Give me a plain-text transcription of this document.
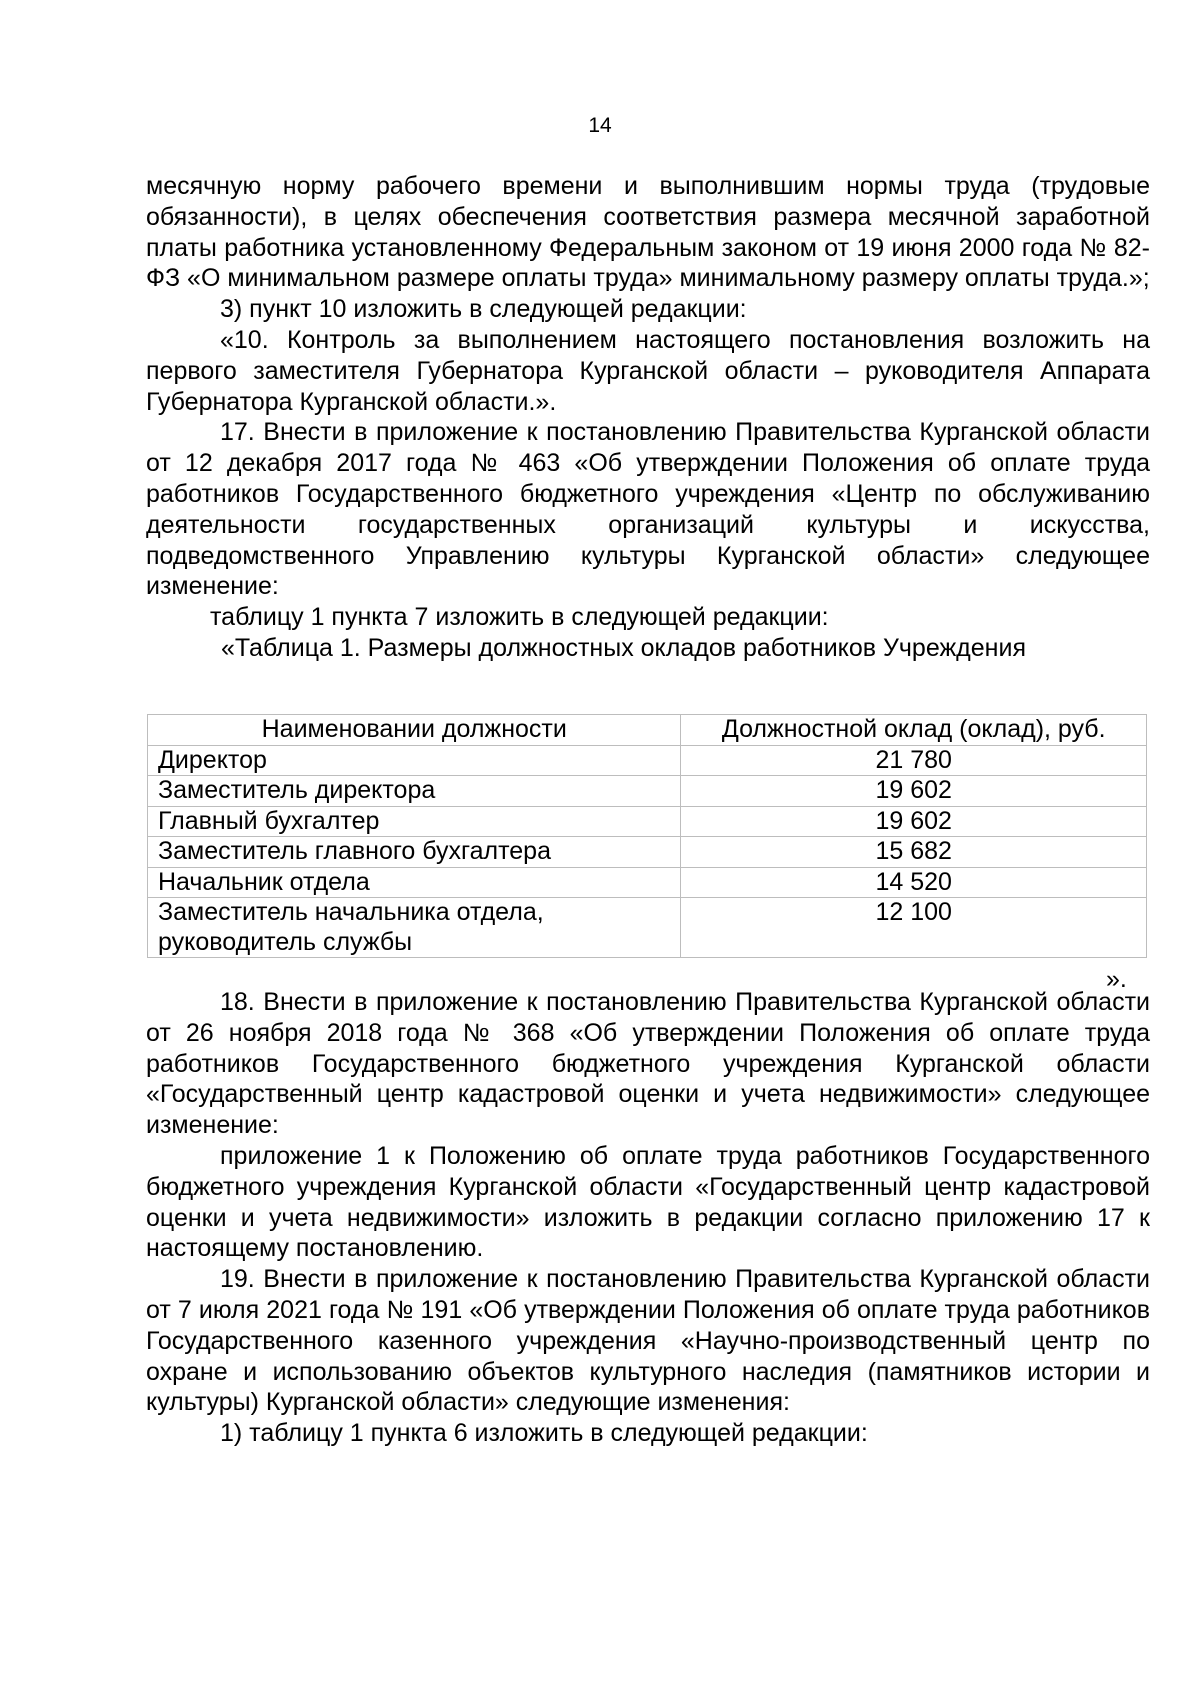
14

месячную норму рабочего времени и выполнившим нормы труда (трудовые обязанности), в целях обеспечения соответствия размера месячной заработной платы работника установленному Федеральным законом от 19 июня 2000 года № 82-ФЗ «О минимальном размере оплаты труда» минимальному размеру оплаты труда.»;

3) пункт 10 изложить в следующей редакции:

«10. Контроль за выполнением настоящего постановления возложить на первого заместителя Губернатора Курганской области – руководителя Аппарата Губернатора Курганской области.».

17. Внести в приложение к постановлению Правительства Курганской области от 12 декабря 2017 года № 463 «Об утверждении Положения об оплате труда работников Государственного бюджетного учреждения «Центр по обслуживанию деятельности государственных организаций культуры и искусства, подведомственного Управлению культуры Курганской области» следующее изменение:

таблицу 1 пункта 7 изложить в следующей редакции:

«Таблица 1. Размеры должностных окладов работников Учреждения

Наименовании должности	Должностной оклад (оклад), руб.
Директор	21 780
Заместитель директора	19 602
Главный бухгалтер	19 602
Заместитель главного бухгалтера	15 682
Начальник отдела	14 520
Заместитель начальника отдела, руководитель службы	12 100
».

18. Внести в приложение к постановлению Правительства Курганской области от 26 ноября 2018 года № 368 «Об утверждении Положения об оплате труда работников Государственного бюджетного учреждения Курганской области «Государственный центр кадастровой оценки и учета недвижимости» следующее изменение:

приложение 1 к Положению об оплате труда работников Государственного бюджетного учреждения Курганской области «Государственный центр кадастровой оценки и учета недвижимости» изложить в редакции согласно приложению 17 к настоящему постановлению.

19. Внести в приложение к постановлению Правительства Курганской области от 7 июля 2021 года № 191 «Об утверждении Положения об оплате труда работников Государственного казенного учреждения «Научно-производственный центр по охране и использованию объектов культурного наследия (памятников истории и культуры) Курганской области» следующие изменения:

1) таблицу 1 пункта 6 изложить в следующей редакции:
